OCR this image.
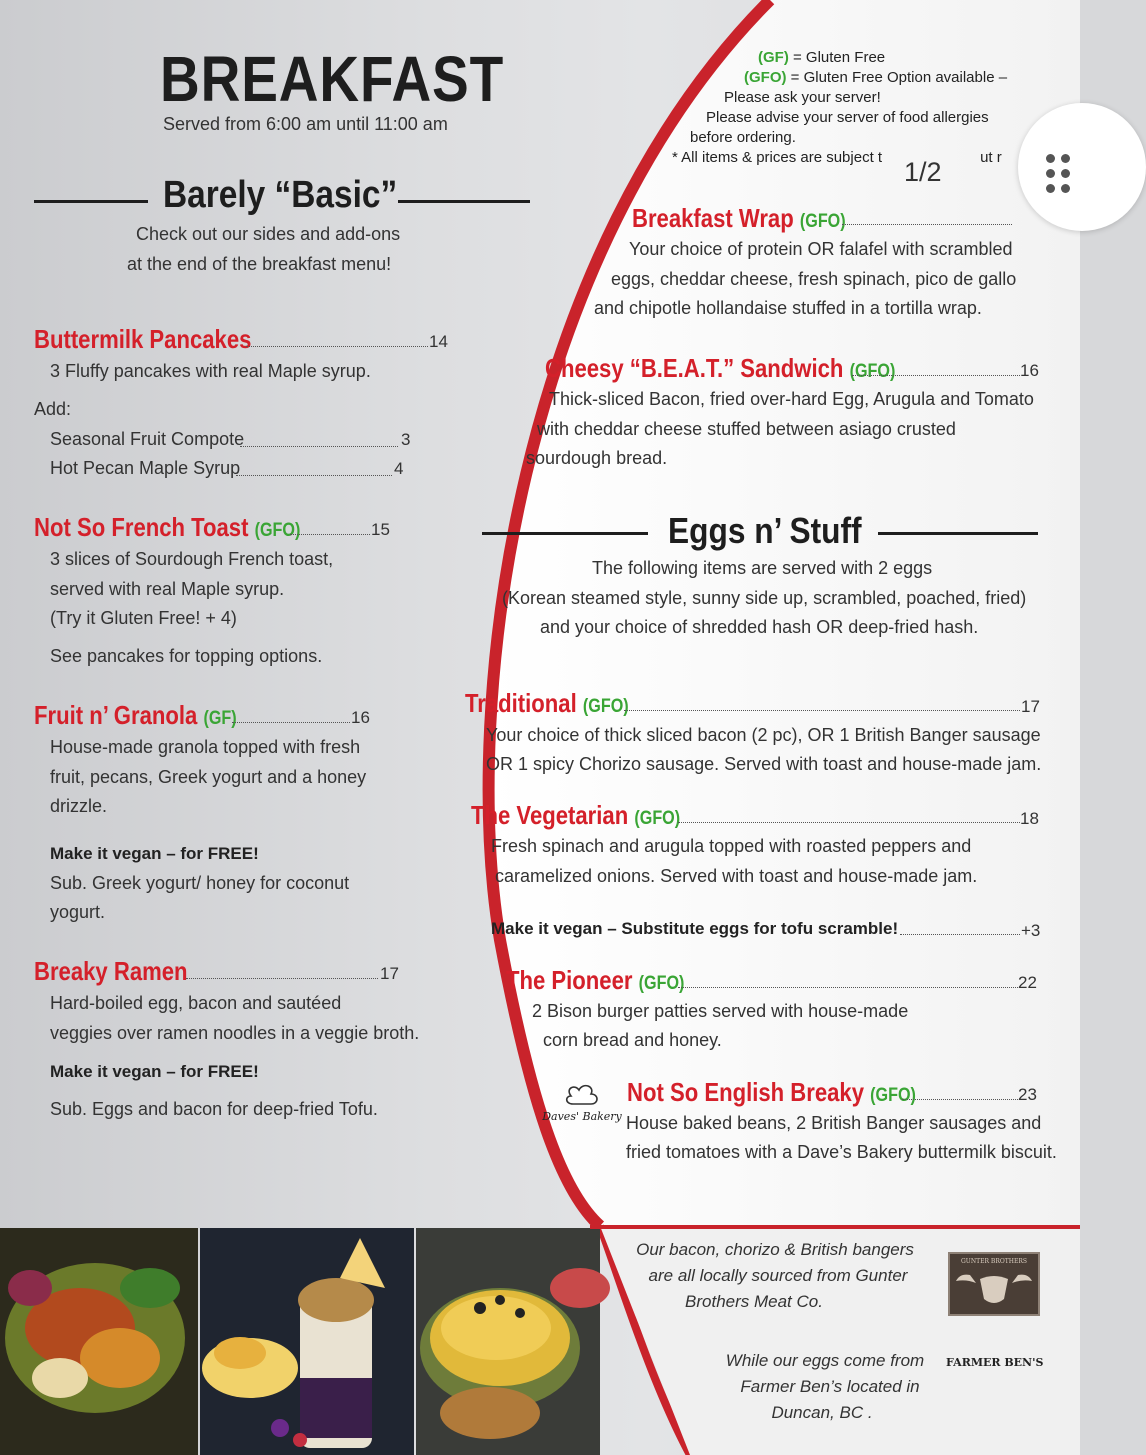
BREAKFAST
Served from 6:00 am until 11:00 am
Barely “Basic”
Check out our sides and add-ons
at the end of the breakfast menu!
Buttermilk Pancakes	14
3 Fluffy pancakes with real Maple syrup.
Add:
Seasonal Fruit Compote	3
Hot Pecan Maple Syrup	4
Not So French Toast (GFO)	15
3 slices of Sourdough French toast,
served with real Maple syrup.
(Try it Gluten Free! + 4)
See pancakes for topping options.
Fruit n’ Granola (GF)	16
House-made granola topped with fresh
fruit, pecans, Greek yogurt and a honey
drizzle.
Make it vegan – for FREE!
Sub. Greek yogurt/ honey for coconut
yogurt.
Breaky Ramen	17
Hard-boiled egg, bacon and sautéed
veggies over ramen noodles in a veggie broth.
Make it vegan – for FREE!
Sub. Eggs and bacon for deep-fried Tofu.
(GF) = Gluten Free
(GFO) = Gluten Free Option available –
Please ask your server!
Please advise your server of food allergies
before ordering.
* All items & prices are subject t	ut r
1/2
Breakfast Wrap (GFO)
Your choice of protein OR falafel with scrambled
eggs, cheddar cheese, fresh spinach, pico de gallo
and chipotle hollandaise stuffed in a tortilla wrap.
Cheesy “B.E.A.T.” Sandwich (GFO)	16
Thick-sliced Bacon, fried over-hard Egg, Arugula and Tomato
with cheddar cheese stuffed between asiago crusted
sourdough bread.
Eggs n’ Stuff
The following items are served with 2 eggs
(Korean steamed style, sunny side up, scrambled, poached, fried)
and your choice of shredded hash OR deep-fried hash.
Traditional (GFO)	17
Your choice of thick sliced bacon (2 pc), OR 1 British Banger sausage
OR 1 spicy Chorizo sausage. Served with toast and house-made jam.
The Vegetarian (GFO)	18
Fresh spinach and arugula topped with roasted peppers and
caramelized onions. Served with toast and house-made jam.
Make it vegan – Substitute eggs for tofu scramble!	+3
The Pioneer (GFO)	22
2 Bison burger patties served with house-made
corn bread and honey.
Daves' Bakery
Not So English Breaky (GFO)	23
House baked beans, 2 British Banger sausages and
fried tomatoes with a Dave’s Bakery buttermilk biscuit.
Our bacon, chorizo & British bangers
are all locally sourced from Gunter
Brothers Meat Co.
GUNTER BROTHERS
While our eggs come from
Farmer Ben’s located in
Duncan, BC .
FARMER BEN'S
